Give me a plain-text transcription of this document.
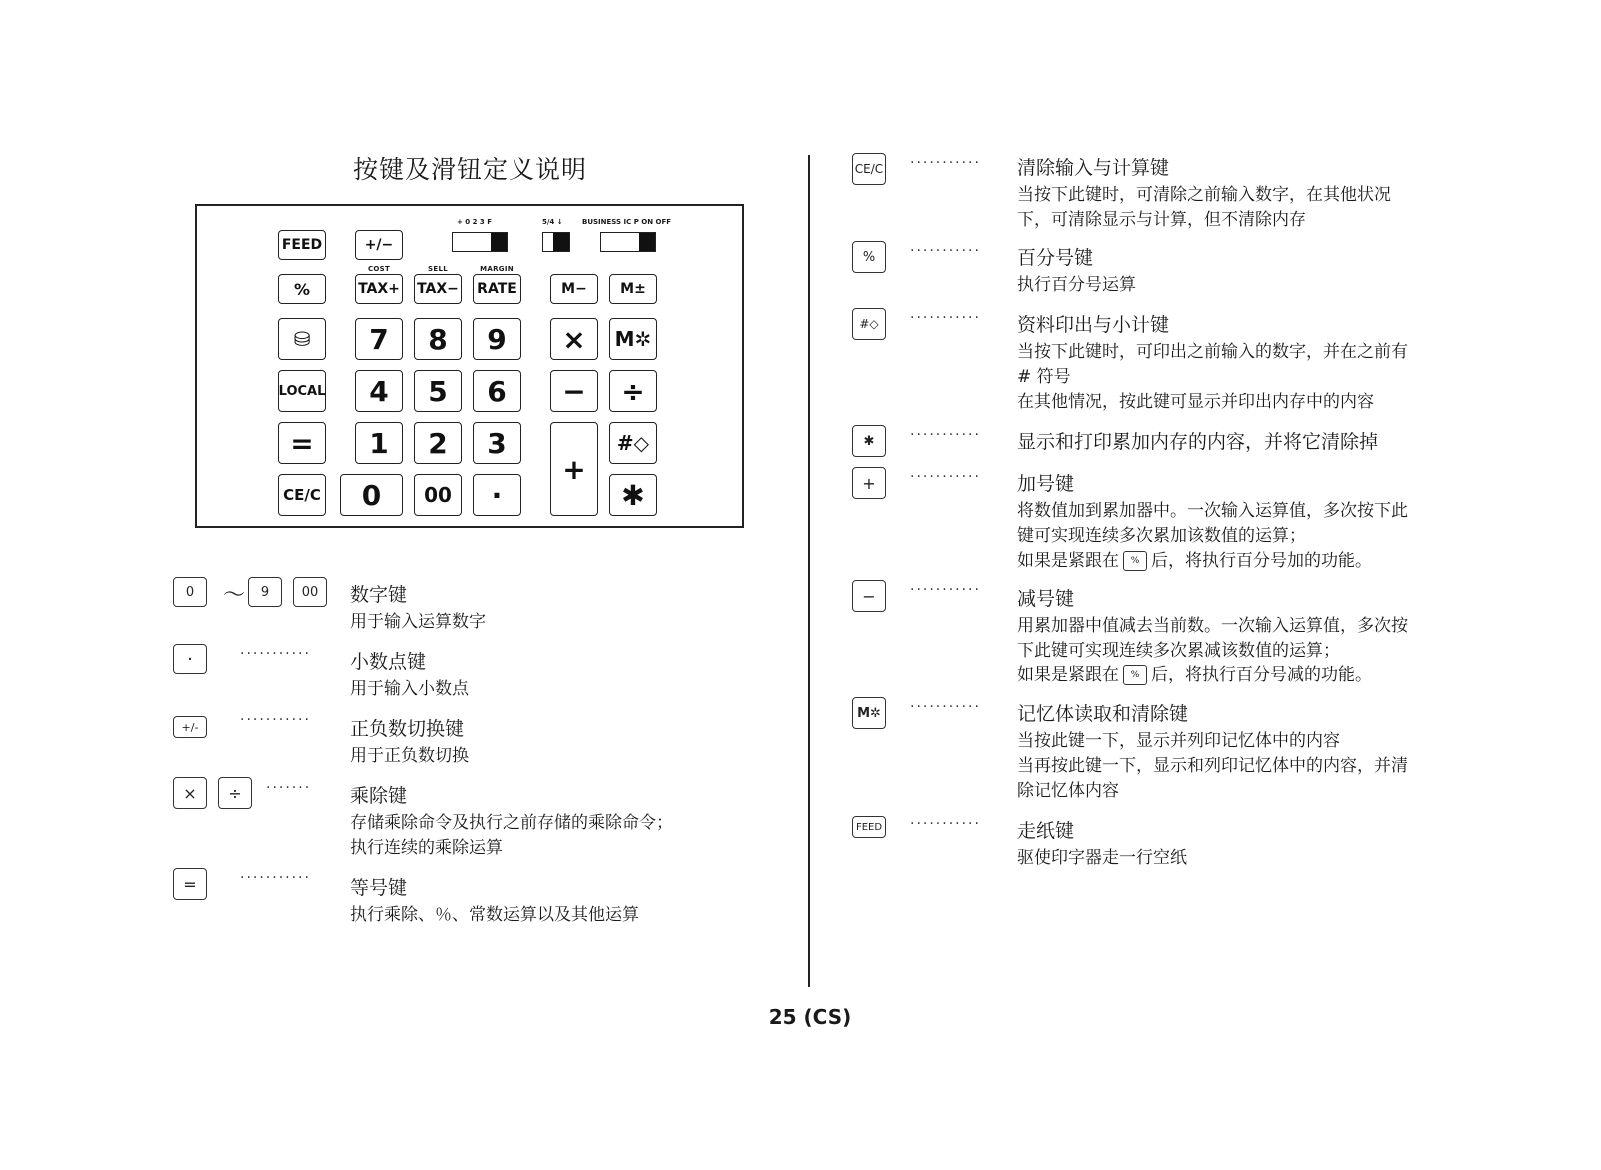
按键及滑钮定义说明
+ 0 2 3 F	5/4 ↓	BUSINESS IC P ON OFF
FEED	+/−
COST	SELL	MARGIN
%	TAX+ TAX− RATE	M−	M±
⛁	7	8	9	×	M✲
LOCAL	4	5	6	−	÷
=	1	2	3
+
#◇
CE/C	0	00	·	✱
0	〜	9	00	数字键
用于输入运算数字
·	··········· 小数点键
用于输入小数点
+/-	··········· 正负数切换键
用于正负数切换
×	÷	······· 乘除键
存储乘除命令及执行之前存储的乘除命令；
执行连续的乘除运算
=	··········· 等号键
执行乘除、％、常数运算以及其他运算
CE/C ··········· 清除输入与计算键
当按下此键时，可清除之前输入数字，在其他状况
下，可清除显示与计算，但不清除内存
%	··········· 百分号键
执行百分号运算
#◇	··········· 资料印出与小计键
当按下此键时，可印出之前输入的数字，并在之前有
# 符号
在其他情况，按此键可显示并印出内存中的内容
✱	··········· 显示和打印累加内存的内容，并将它清除掉
+	··········· 加号键
将数值加到累加器中。一次输入运算值，多次按下此
键可实现连续多次累加该数值的运算；
如果是紧跟在 % 后，将执行百分号加的功能。
−	··········· 减号键
用累加器中值减去当前数。一次输入运算值，多次按
下此键可实现连续多次累减该数值的运算；
如果是紧跟在 % 后，将执行百分号减的功能。
M✲	··········· 记忆体读取和清除键
当按此键一下，显示并列印记忆体中的内容
当再按此键一下，显示和列印记忆体中的内容，并清
除记忆体内容
FEED ··········· 走纸键
驱使印字器走一行空纸
25 (CS)
